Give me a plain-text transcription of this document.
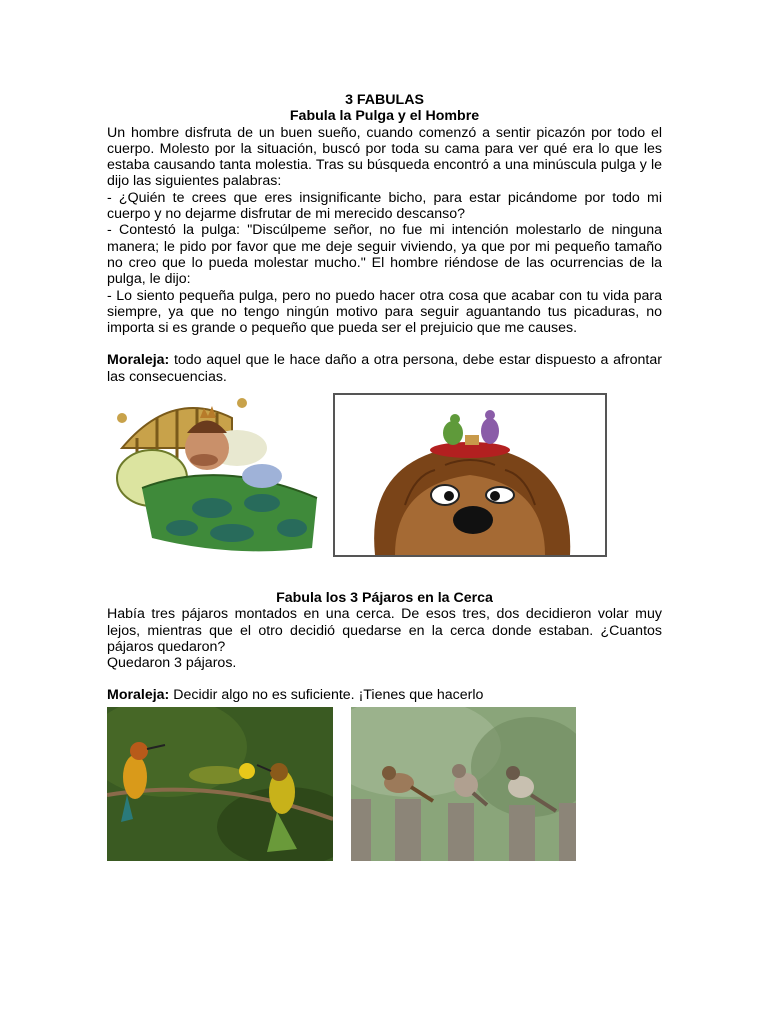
3 FABULAS
Fabula la Pulga y el Hombre

Un hombre disfruta de un buen sueño, cuando comenzó a sentir picazón por todo el cuerpo. Molesto por la situación, buscó por toda su cama para ver qué era lo que les estaba causando tanta molestia. Tras su búsqueda encontró a una minúscula pulga y le dijo las siguientes palabras:

- ¿Quién te crees que eres insignificante bicho, para estar picándome por todo mi cuerpo y no dejarme disfrutar de mi merecido descanso?

- Contestó la pulga: "Discúlpeme señor, no fue mi intención molestarlo de ninguna manera; le pido por favor que me deje seguir viviendo, ya que por mi pequeño tamaño no creo que lo pueda molestar mucho." El hombre riéndose de las ocurrencias de la pulga, le dijo:

- Lo siento pequeña pulga, pero no puedo hacer otra cosa que acabar con tu vida para siempre, ya que no tengo ningún motivo para seguir aguantando tus picaduras, no importa si es grande o pequeño que pueda ser el prejuicio que me causes.

Moraleja: todo aquel que le hace daño a otra persona, debe estar dispuesto a afrontar las consecuencias.

Fabula los 3 Pájaros en la Cerca

Había tres pájaros montados en una cerca. De esos tres, dos decidieron volar muy lejos, mientras que el otro decidió quedarse en la cerca donde estaban. ¿Cuantos pájaros quedaron?

Quedaron 3 pájaros.

Moraleja: Decidir algo no es suficiente. ¡Tienes que hacerlo
